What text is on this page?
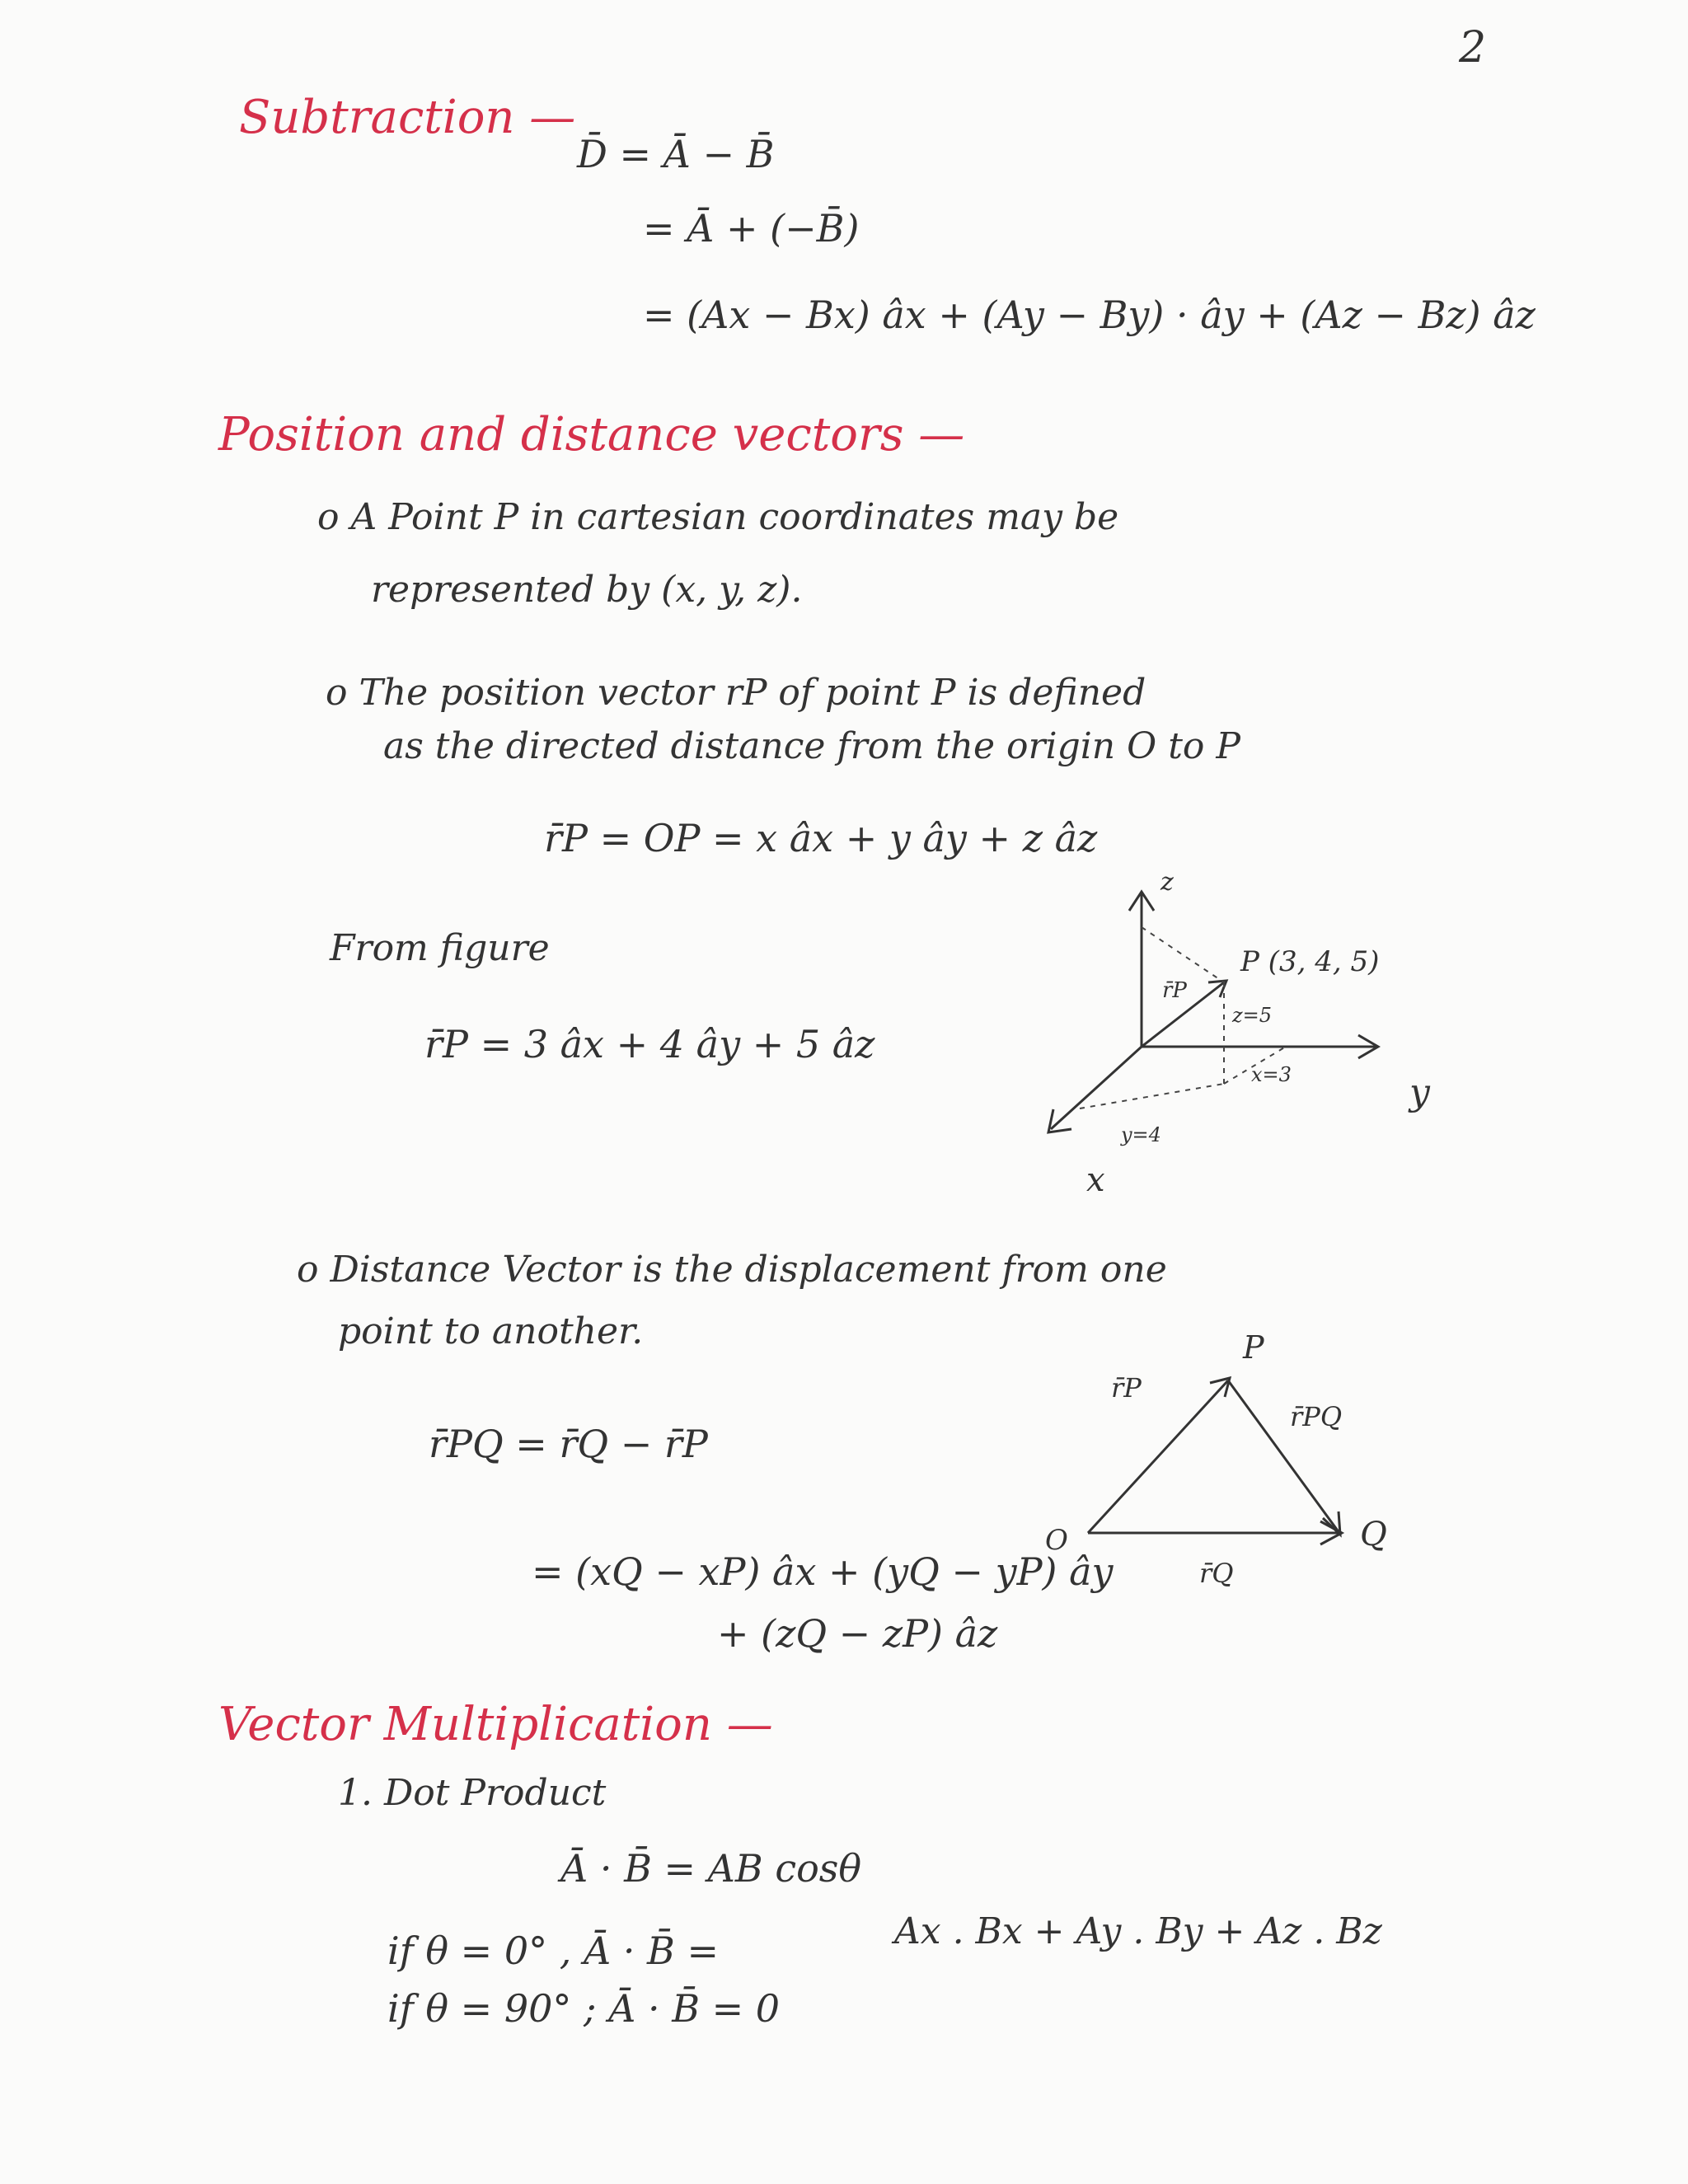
2
Subtraction —
D̄ = Ā − B̄
= Ā + (−B̄)
= (Ax − Bx) âx + (Ay − By) · ây + (Az − Bz) âz
Position and distance vectors —
o A Point P in cartesian coordinates may be
represented by (x, y, z).
o The position vector rP of point P is defined
as the directed distance from the origin O to P
r̄P = OP = x âx + y ây + z âz
From figure
r̄P = 3 âx + 4 ây + 5 âz
z
y
x
P (3, 4, 5)
r̄P
z=5
x=3
y=4
o Distance Vector is the displacement from one
point to another.
r̄PQ = r̄Q − r̄P
= (xQ − xP) âx + (yQ − yP) ây
+ (zQ − zP) âz
P
Q
O
r̄P
r̄Q
r̄PQ
Vector Multiplication —
1. Dot Product
Ā · B̄ = AB cosθ
if θ = 0° , Ā · B̄ =	Ax . Bx + Ay . By + Az . Bz
if θ = 90° ; Ā · B̄ = 0
